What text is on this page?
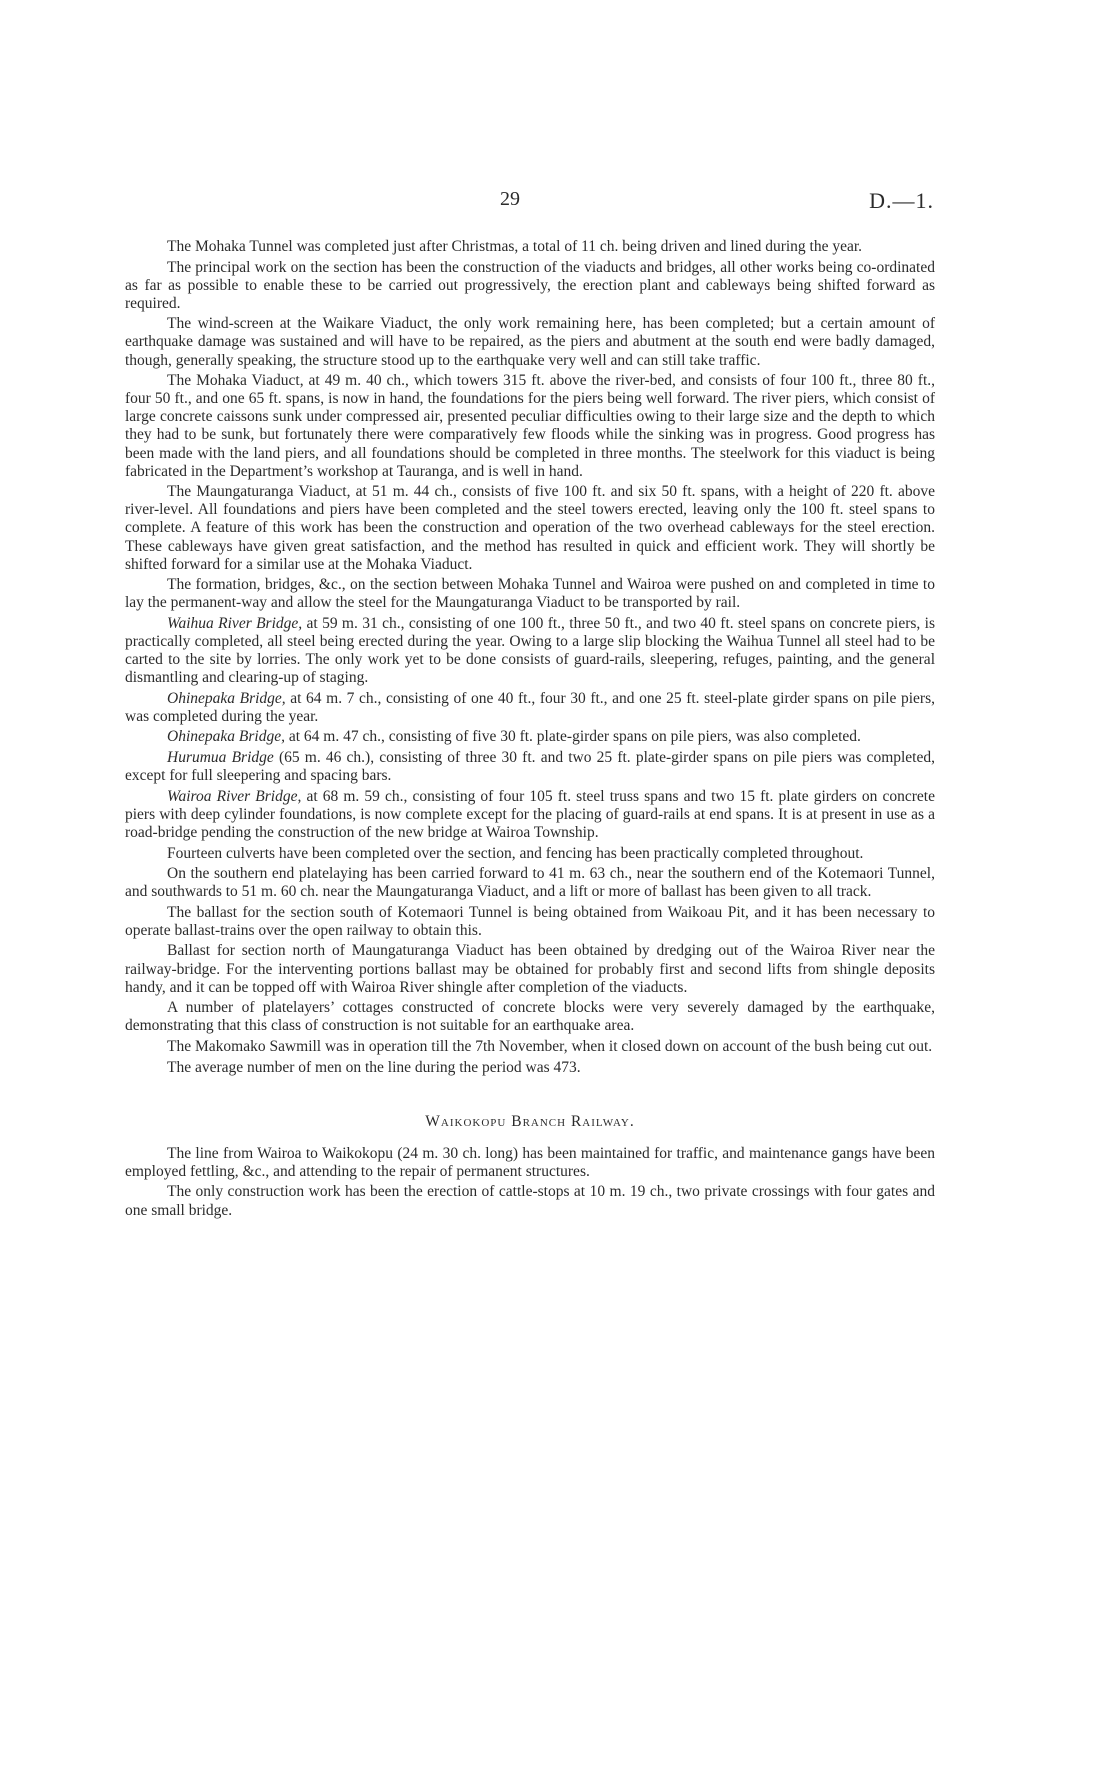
29	D.—1.

The Mohaka Tunnel was completed just after Christmas, a total of 11 ch. being driven and lined during the year.

The principal work on the section has been the construction of the viaducts and bridges, all other works being co-ordinated as far as possible to enable these to be carried out progressively, the erection plant and cableways being shifted forward as required.

The wind-screen at the Waikare Viaduct, the only work remaining here, has been completed; but a certain amount of earthquake damage was sustained and will have to be repaired, as the piers and abutment at the south end were badly damaged, though, generally speaking, the structure stood up to the earthquake very well and can still take traffic.

The Mohaka Viaduct, at 49 m. 40 ch., which towers 315 ft. above the river-bed, and consists of four 100 ft., three 80 ft., four 50 ft., and one 65 ft. spans, is now in hand, the foundations for the piers being well forward. The river piers, which consist of large concrete caissons sunk under compressed air, presented peculiar difficulties owing to their large size and the depth to which they had to be sunk, but fortunately there were comparatively few floods while the sinking was in progress. Good progress has been made with the land piers, and all foundations should be completed in three months. The steelwork for this viaduct is being fabricated in the Department’s workshop at Tauranga, and is well in hand.

The Maungaturanga Viaduct, at 51 m. 44 ch., consists of five 100 ft. and six 50 ft. spans, with a height of 220 ft. above river-level. All foundations and piers have been completed and the steel towers erected, leaving only the 100 ft. steel spans to complete. A feature of this work has been the construction and operation of the two overhead cableways for the steel erection. These cableways have given great satisfaction, and the method has resulted in quick and efficient work. They will shortly be shifted forward for a similar use at the Mohaka Viaduct.

The formation, bridges, &c., on the section between Mohaka Tunnel and Wairoa were pushed on and completed in time to lay the permanent-way and allow the steel for the Maungaturanga Viaduct to be transported by rail.

Waihua River Bridge, at 59 m. 31 ch., consisting of one 100 ft., three 50 ft., and two 40 ft. steel spans on concrete piers, is practically completed, all steel being erected during the year. Owing to a large slip blocking the Waihua Tunnel all steel had to be carted to the site by lorries. The only work yet to be done consists of guard-rails, sleepering, refuges, painting, and the general dismantling and clearing-up of staging.

Ohinepaka Bridge, at 64 m. 7 ch., consisting of one 40 ft., four 30 ft., and one 25 ft. steel-plate girder spans on pile piers, was completed during the year.

Ohinepaka Bridge, at 64 m. 47 ch., consisting of five 30 ft. plate-girder spans on pile piers, was also completed.

Hurumua Bridge (65 m. 46 ch.), consisting of three 30 ft. and two 25 ft. plate-girder spans on pile piers was completed, except for full sleepering and spacing bars.

Wairoa River Bridge, at 68 m. 59 ch., consisting of four 105 ft. steel truss spans and two 15 ft. plate girders on concrete piers with deep cylinder foundations, is now complete except for the placing of guard-rails at end spans. It is at present in use as a road-bridge pending the construction of the new bridge at Wairoa Township.

Fourteen culverts have been completed over the section, and fencing has been practically completed throughout.

On the southern end platelaying has been carried forward to 41 m. 63 ch., near the southern end of the Kotemaori Tunnel, and southwards to 51 m. 60 ch. near the Maungaturanga Viaduct, and a lift or more of ballast has been given to all track.

The ballast for the section south of Kotemaori Tunnel is being obtained from Waikoau Pit, and it has been necessary to operate ballast-trains over the open railway to obtain this.

Ballast for section north of Maungaturanga Viaduct has been obtained by dredging out of the Wairoa River near the railway-bridge. For the interventing portions ballast may be obtained for probably first and second lifts from shingle deposits handy, and it can be topped off with Wairoa River shingle after completion of the viaducts.

A number of platelayers’ cottages constructed of concrete blocks were very severely damaged by the earthquake, demonstrating that this class of construction is not suitable for an earthquake area.

The Makomako Sawmill was in operation till the 7th November, when it closed down on account of the bush being cut out.

The average number of men on the line during the period was 473.

Waikokopu Branch Railway.

The line from Wairoa to Waikokopu (24 m. 30 ch. long) has been maintained for traffic, and maintenance gangs have been employed fettling, &c., and attending to the repair of permanent structures.

The only construction work has been the erection of cattle-stops at 10 m. 19 ch., two private crossings with four gates and one small bridge.
